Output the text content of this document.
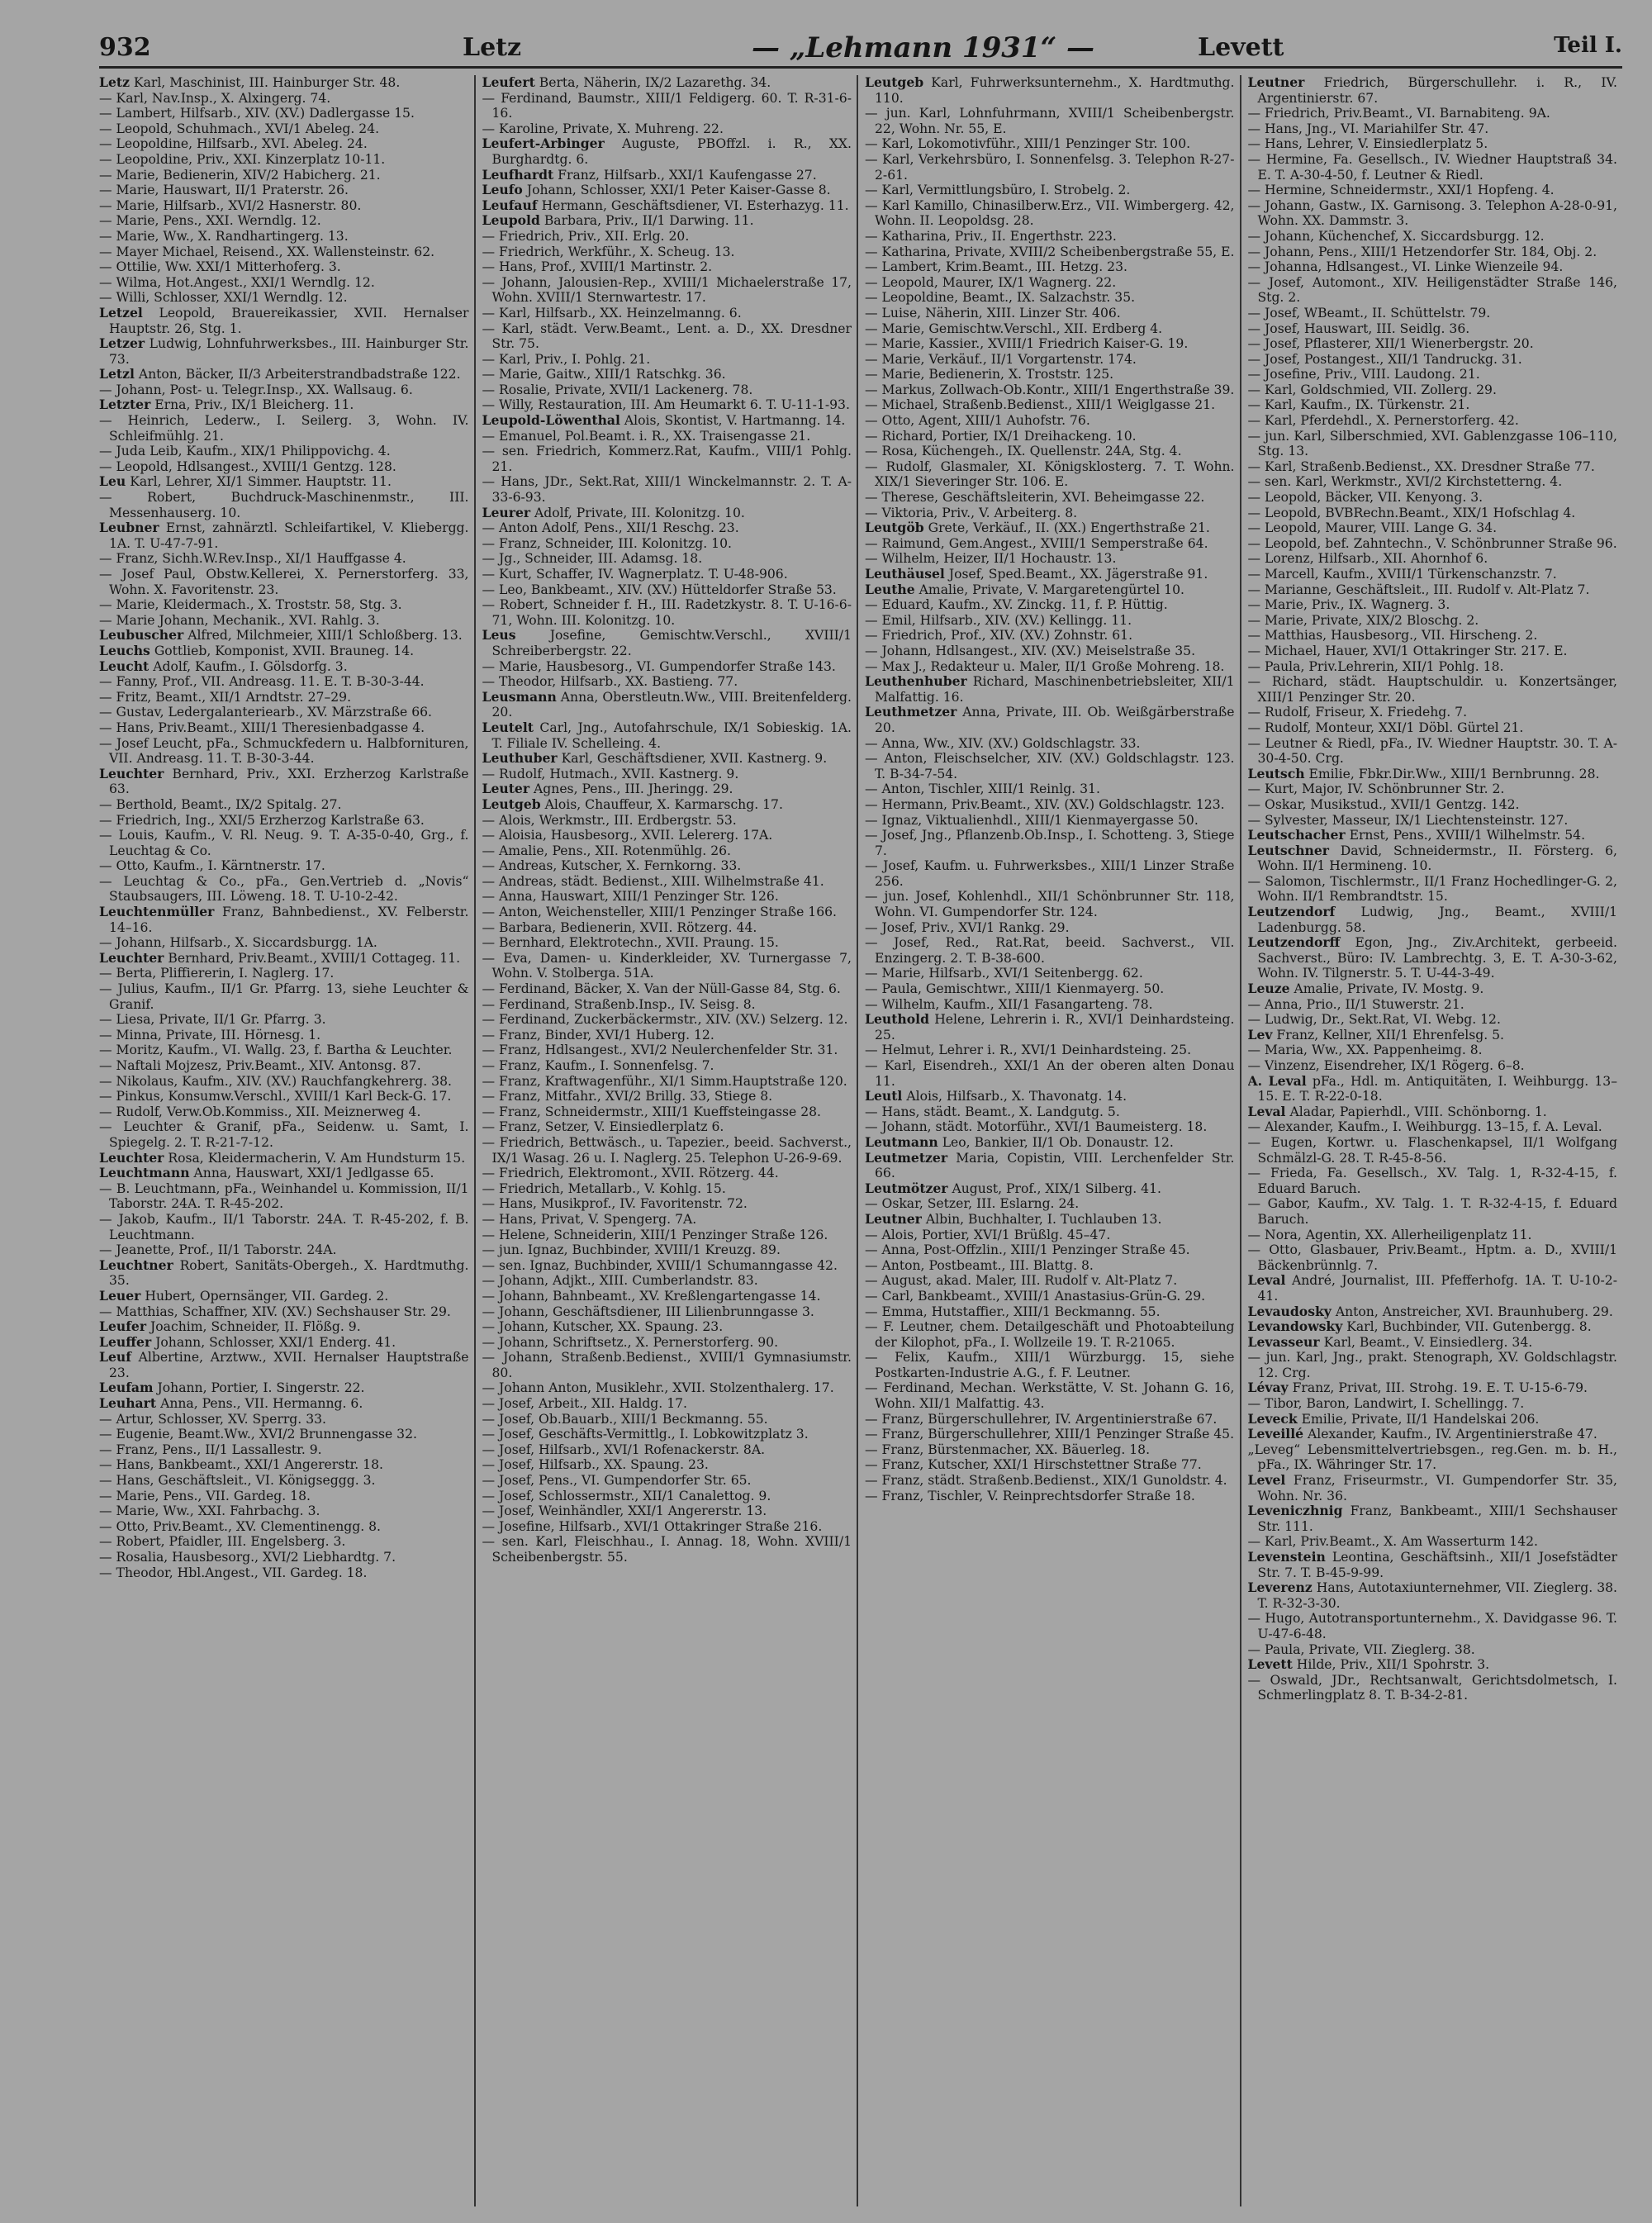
932	Letz	— „Lehmann 1931“ —	Levett	Teil I.

Letz Karl, Maschinist, III. Hainburger Str. 48.

— Karl, Nav.Insp., X. Alxingerg. 74.

— Lambert, Hilfsarb., XIV. (XV.) Dadlergasse 15.

— Leopold, Schuhmach., XVI/1 Abeleg. 24.

— Leopoldine, Hilfsarb., XVI. Abeleg. 24.

— Leopoldine, Priv., XXI. Kinzerplatz 10-11.

— Marie, Bedienerin, XIV/2 Habicherg. 21.

— Marie, Hauswart, II/1 Praterstr. 26.

— Marie, Hilfsarb., XVI/2 Hasnerstr. 80.

— Marie, Pens., XXI. Werndlg. 12.

— Marie, Ww., X. Randhartingerg. 13.

— Mayer Michael, Reisend., XX. Wallensteinstr. 62.

— Ottilie, Ww. XXI/1 Mitterhoferg. 3.

— Wilma, Hot.Angest., XXI/1 Werndlg. 12.

— Willi, Schlosser, XXI/1 Werndlg. 12.

Letzel Leopold, Brauereikassier, XVII. Hernalser Hauptstr. 26, Stg. 1.

Letzer Ludwig, Lohnfuhrwerksbes., III. Hainburger Str. 73.

Letzl Anton, Bäcker, II/3 Arbeiterstrandbadstraße 122.

— Johann, Post- u. Telegr.Insp., XX. Wallsaug. 6.

Letzter Erna, Priv., IX/1 Bleicherg. 11.

— Heinrich, Lederw., I. Seilerg. 3, Wohn. IV. Schleifmühlg. 21.

— Juda Leib, Kaufm., XIX/1 Philippovichg. 4.

— Leopold, Hdlsangest., XVIII/1 Gentzg. 128.

Leu Karl, Lehrer, XI/1 Simmer. Hauptstr. 11.

— Robert, Buchdruck-Maschinenmstr., III. Messenhauserg. 10.

Leubner Ernst, zahnärztl. Schleifartikel, V. Kliebergg. 1A. T. U-47-7-91.

— Franz, Sichh.W.Rev.Insp., XI/1 Hauffgasse 4.

— Josef Paul, Obstw.Kellerei, X. Pernerstorferg. 33, Wohn. X. Favoritenstr. 23.

— Marie, Kleidermach., X. Troststr. 58, Stg. 3.

— Marie Johann, Mechanik., XVI. Rahlg. 3.

Leubuscher Alfred, Milchmeier, XIII/1 Schloßberg. 13.

Leuchs Gottlieb, Komponist, XVII. Brauneg. 14.

Leucht Adolf, Kaufm., I. Gölsdorfg. 3.

— Fanny, Prof., VII. Andreasg. 11. E. T. B-30-3-44.

— Fritz, Beamt., XII/1 Arndtstr. 27–29.

— Gustav, Ledergalanteriearb., XV. Märzstraße 66.

— Hans, Priv.Beamt., XIII/1 Theresienbadgasse 4.

— Josef Leucht, pFa., Schmuckfedern u. Halbfornituren, VII. Andreasg. 11. T. B-30-3-44.

Leuchter Bernhard, Priv., XXI. Erzherzog Karlstraße 63.

— Berthold, Beamt., IX/2 Spitalg. 27.

— Friedrich, Ing., XXI/5 Erzherzog Karlstraße 63.

— Louis, Kaufm., V. Rl. Neug. 9. T. A-35-0-40, Grg., f. Leuchtag & Co.

— Otto, Kaufm., I. Kärntnerstr. 17.

— Leuchtag & Co., pFa., Gen.Vertrieb d. „Novis“ Staubsaugers, III. Löweng. 18. T. U-10-2-42.

Leuchtenmüller Franz, Bahnbedienst., XV. Felberstr. 14–16.

— Johann, Hilfsarb., X. Siccardsburgg. 1A.

Leuchter Bernhard, Priv.Beamt., XVIII/1 Cottageg. 11.

— Berta, Pliffiererin, I. Naglerg. 17.

— Julius, Kaufm., II/1 Gr. Pfarrg. 13, siehe Leuchter & Granif.

— Liesa, Private, II/1 Gr. Pfarrg. 3.

— Minna, Private, III. Hörnesg. 1.

— Moritz, Kaufm., VI. Wallg. 23, f. Bartha & Leuchter.

— Naftali Mojzesz, Priv.Beamt., XIV. Antonsg. 87.

— Nikolaus, Kaufm., XIV. (XV.) Rauchfangkehrerg. 38.

— Pinkus, Konsumw.Verschl., XVIII/1 Karl Beck-G. 17.

— Rudolf, Verw.Ob.Kommiss., XII. Meiznerweg 4.

— Leuchter & Granif, pFa., Seidenw. u. Samt, I. Spiegelg. 2. T. R-21-7-12.

Leuchter Rosa, Kleidermacherin, V. Am Hundsturm 15.

Leuchtmann Anna, Hauswart, XXI/1 Jedlgasse 65.

— B. Leuchtmann, pFa., Weinhandel u. Kommission, II/1 Taborstr. 24A. T. R-45-202.

— Jakob, Kaufm., II/1 Taborstr. 24A. T. R-45-202, f. B. Leuchtmann.

— Jeanette, Prof., II/1 Taborstr. 24A.

Leuchtner Robert, Sanitäts-Obergeh., X. Hardtmuthg. 35.

Leuer Hubert, Opernsänger, VII. Gardeg. 2.

— Matthias, Schaffner, XIV. (XV.) Sechshauser Str. 29.

Leufer Joachim, Schneider, II. Flößg. 9.

Leuffer Johann, Schlosser, XXI/1 Enderg. 41.

Leuf Albertine, Arztww., XVII. Hernalser Hauptstraße 23.

Leufam Johann, Portier, I. Singerstr. 22.

Leuhart Anna, Pens., VII. Hermanng. 6.

— Artur, Schlosser, XV. Sperrg. 33.

— Eugenie, Beamt.Ww., XVI/2 Brunnengasse 32.

— Franz, Pens., II/1 Lassallestr. 9.

— Hans, Bankbeamt., XXI/1 Angererstr. 18.

— Hans, Geschäftsleit., VI. Königseggg. 3.

— Marie, Pens., VII. Gardeg. 18.

— Marie, Ww., XXI. Fahrbachg. 3.

— Otto, Priv.Beamt., XV. Clementinengg. 8.

— Robert, Pfaidler, III. Engelsberg. 3.

— Rosalia, Hausbesorg., XVI/2 Liebhardtg. 7.

— Theodor, Hbl.Angest., VII. Gardeg. 18.

Leufert Berta, Näherin, IX/2 Lazarethg. 34.

— Ferdinand, Baumstr., XIII/1 Feldigerg. 60. T. R-31-6-16.

— Karoline, Private, X. Muhreng. 22.

Leufert-Arbinger Auguste, PBOffzl. i. R., XX. Burghardtg. 6.

Leufhardt Franz, Hilfsarb., XXI/1 Kaufengasse 27.

Leufo Johann, Schlosser, XXI/1 Peter Kaiser-Gasse 8.

Leufauf Hermann, Geschäftsdiener, VI. Esterhazyg. 11.

Leupold Barbara, Priv., II/1 Darwing. 11.

— Friedrich, Priv., XII. Erlg. 20.

— Friedrich, Werkführ., X. Scheug. 13.

— Hans, Prof., XVIII/1 Martinstr. 2.

— Johann, Jalousien-Rep., XVIII/1 Michaelerstraße 17, Wohn. XVIII/1 Sternwartestr. 17.

— Karl, Hilfsarb., XX. Heinzelmanng. 6.

— Karl, städt. Verw.Beamt., Lent. a. D., XX. Dresdner Str. 75.

— Karl, Priv., I. Pohlg. 21.

— Marie, Gaitw., XIII/1 Ratschkg. 36.

— Rosalie, Private, XVII/1 Lackenerg. 78.

— Willy, Restauration, III. Am Heumarkt 6. T. U-11-1-93.

Leupold-Löwenthal Alois, Skontist, V. Hartmanng. 14.

— Emanuel, Pol.Beamt. i. R., XX. Traisengasse 21.

— sen. Friedrich, Kommerz.Rat, Kaufm., VIII/1 Pohlg. 21.

— Hans, JDr., Sekt.Rat, XIII/1 Winckelmannstr. 2. T. A-33-6-93.

Leurer Adolf, Private, III. Kolonitzg. 10.

— Anton Adolf, Pens., XII/1 Reschg. 23.

— Franz, Schneider, III. Kolonitzg. 10.

— Jg., Schneider, III. Adamsg. 18.

— Kurt, Schaffer, IV. Wagnerplatz. T. U-48-906.

— Leo, Bankbeamt., XIV. (XV.) Hütteldorfer Straße 53.

— Robert, Schneider f. H., III. Radetzkystr. 8. T. U-16-6-71, Wohn. III. Kolonitzg. 10.

Leus	Josefine, Gemischtw.Verschl., XVIII/1 Schreiberbergstr. 22.

— Marie, Hausbesorg., VI. Gumpendorfer Straße 143.

— Theodor, Hilfsarb., XX. Bastieng. 77.

Leusmann Anna, Oberstleutn.Ww., VIII. Breitenfelderg. 20.

Leutelt Carl, Jng., Autofahrschule, IX/1 Sobieskig. 1A. T. Filiale IV. Schelleing. 4.

Leuthuber Karl, Geschäftsdiener, XVII. Kastnerg. 9.

— Rudolf, Hutmach., XVII. Kastnerg. 9.

Leuter Agnes, Pens., III. Jheringg. 29.

Leutgeb Alois, Chauffeur, X. Karmarschg. 17.

— Alois, Werkmstr., III. Erdbergstr. 53.

— Aloisia, Hausbesorg., XVII. Lelererg. 17A.

— Amalie, Pens., XII. Rotenmühlg. 26.

— Andreas, Kutscher, X. Fernkorng. 33.

— Andreas, städt. Bedienst., XIII. Wilhelmstraße 41.

— Anna, Hauswart, XIII/1 Penzinger Str. 126.

— Anton, Weichensteller, XIII/1 Penzinger Straße 166.

— Barbara, Bedienerin, XVII. Rötzerg. 44.

— Bernhard, Elektrotechn., XVII. Praung. 15.

— Eva, Damen- u. Kinderkleider, XV. Turnergasse 7, Wohn. V. Stolberga. 51A.

— Ferdinand, Bäcker, X. Van der Nüll-Gasse 84, Stg. 6.

— Ferdinand, Straßenb.Insp., IV. Seisg. 8.

— Ferdinand, Zuckerbäckermstr., XIV. (XV.) Selzerg. 12.

— Franz, Binder, XVI/1 Huberg. 12.

— Franz, Hdlsangest., XVI/2 Neulerchenfelder Str. 31.

— Franz, Kaufm., I. Sonnenfelsg. 7.

— Franz, Kraftwagenführ., XI/1 Simm.Hauptstraße 120.

— Franz, Mitfahr., XVI/2 Brillg. 33, Stiege 8.

— Franz, Schneidermstr., XIII/1 Kueffsteingasse 28.

— Franz, Setzer, V. Einsiedlerplatz 6.

— Friedrich, Bettwäsch., u. Tapezier., beeid. Sachverst., IX/1 Wasag. 26 u. I. Naglerg. 25. Telephon U-26-9-69.

— Friedrich, Elektromont., XVII. Rötzerg. 44.

— Friedrich, Metallarb., V. Kohlg. 15.

— Hans, Musikprof., IV. Favoritenstr. 72.

— Hans, Privat, V. Spengerg. 7A.

— Helene, Schneiderin, XIII/1 Penzinger Straße 126.

— jun. Ignaz, Buchbinder, XVIII/1 Kreuzg. 89.

— sen. Ignaz, Buchbinder, XVIII/1 Schumanngasse 42.

— Johann, Adjkt., XIII. Cumberlandstr. 83.

— Johann, Bahnbeamt., XV. Kreßlengartengasse 14.

— Johann, Geschäftsdiener, III Lilienbrunngasse 3.

— Johann, Kutscher, XX. Spaung. 23.

— Johann, Schriftsetz., X. Pernerstorferg. 90.

— Johann, Straßenb.Bedienst., XVIII/1 Gymnasiumstr. 80.

— Johann Anton, Musiklehr., XVII. Stolzenthalerg. 17.

— Josef, Arbeit., XII. Haldg. 17.

— Josef, Ob.Bauarb., XIII/1 Beckmanng. 55.

— Josef, Geschäfts-Vermittlg., I. Lobkowitzplatz 3.

— Josef, Hilfsarb., XVI/1 Rofenackerstr. 8A.

— Josef, Hilfsarb., XX. Spaung. 23.

— Josef, Pens., VI. Gumpendorfer Str. 65.

— Josef, Schlossermstr., XII/1 Canalettog. 9.

— Josef, Weinhändler, XXI/1 Angererstr. 13.

— Josefine, Hilfsarb., XVI/1 Ottakringer Straße 216.

— sen. Karl, Fleischhau., I. Annag. 18, Wohn. XVIII/1 Scheibenbergstr. 55.

Leutgeb Karl, Fuhrwerksunternehm., X. Hardtmuthg. 110.

— jun. Karl, Lohnfuhrmann, XVIII/1 Scheibenbergstr. 22, Wohn. Nr. 55, E.

— Karl, Lokomotivführ., XIII/1 Penzinger Str. 100.

— Karl, Verkehrsbüro, I. Sonnenfelsg. 3. Telephon R-27-2-61.

— Karl, Vermittlungsbüro, I. Strobelg. 2.

— Karl Kamillo, Chinasilberw.Erz., VII. Wimbergerg. 42, Wohn. II. Leopoldsg. 28.

— Katharina, Priv., II. Engerthstr. 223.

— Katharina, Private, XVIII/2 Scheibenbergstraße 55, E.

— Lambert, Krim.Beamt., III. Hetzg. 23.

— Leopold, Maurer, IX/1 Wagnerg. 22.

— Leopoldine, Beamt., IX. Salzachstr. 35.

— Luise, Näherin, XIII. Linzer Str. 406.

— Marie, Gemischtw.Verschl., XII. Erdberg 4.

— Marie, Kassier., XVIII/1 Friedrich Kaiser-G. 19.

— Marie, Verkäuf., II/1 Vorgartenstr. 174.

— Marie, Bedienerin, X. Troststr. 125.

— Markus, Zollwach-Ob.Kontr., XIII/1 Engerthstraße 39.

— Michael, Straßenb.Bedienst., XIII/1 Weiglgasse 21.

— Otto, Agent, XIII/1 Auhofstr. 76.

— Richard, Portier, IX/1 Dreihackeng. 10.

— Rosa, Küchengeh., IX. Quellenstr. 24A, Stg. 4.

— Rudolf, Glasmaler, XI. Königsklosterg. 7. T. Wohn. XIX/1 Sieveringer Str. 106. E.

— Therese, Geschäftsleiterin, XVI. Beheimgasse 22.

— Viktoria, Priv., V. Arbeiterg. 8.

Leutgöb Grete, Verkäuf., II. (XX.) Engerthstraße 21.

— Raimund, Gem.Angest., XVIII/1 Semperstraße 64.

— Wilhelm, Heizer, II/1 Hochaustr. 13.

Leuthäusel Josef, Sped.Beamt., XX. Jägerstraße 91.

Leuthe Amalie, Private, V. Margaretengürtel 10.

— Eduard, Kaufm., XV. Zinckg. 11, f. P. Hüttig.

— Emil, Hilfsarb., XIV. (XV.) Kellingg. 11.

— Friedrich, Prof., XIV. (XV.) Zohnstr. 61.

— Johann, Hdlsangest., XIV. (XV.) Meiselstraße 35.

— Max J., Redakteur u. Maler, II/1 Große Mohreng. 18.

Leuthenhuber Richard, Maschinenbetriebsleiter, XII/1 Malfattig. 16.

Leuthmetzer Anna, Private, III. Ob. Weißgärberstraße 20.

— Anna, Ww., XIV. (XV.) Goldschlagstr. 33.

— Anton, Fleischselcher, XIV. (XV.) Goldschlagstr. 123. T. B-34-7-54.

— Anton, Tischler, XIII/1 Reinlg. 31.

— Hermann, Priv.Beamt., XIV. (XV.) Goldschlagstr. 123.

— Ignaz, Viktualienhdl., XIII/1 Kienmayergasse 50.

— Josef, Jng., Pflanzenb.Ob.Insp., I. Schotteng. 3, Stiege 7.

— Josef, Kaufm. u. Fuhrwerksbes., XIII/1 Linzer Straße 256.

— jun. Josef, Kohlenhdl., XII/1 Schönbrunner Str. 118, Wohn. VI. Gumpendorfer Str. 124.

— Josef, Priv., XVI/1 Rankg. 29.

— Josef, Red., Rat.Rat, beeid. Sachverst., VII. Enzingerg. 2. T. B-38-600.

— Marie, Hilfsarb., XVI/1 Seitenbergg. 62.

— Paula, Gemischtwr., XIII/1 Kienmayerg. 50.

— Wilhelm, Kaufm., XII/1 Fasangarteng. 78.

Leuthold Helene, Lehrerin i. R., XVI/1 Deinhardsteing. 25.

— Helmut, Lehrer i. R., XVI/1 Deinhardsteing. 25.

— Karl, Eisendreh., XXI/1 An der oberen alten Donau 11.

Leutl Alois, Hilfsarb., X. Thavonatg. 14.

— Hans, städt. Beamt., X. Landgutg. 5.

— Johann, städt. Motorführ., XVI/1 Baumeisterg. 18.

Leutmann Leo, Bankier, II/1 Ob. Donaustr. 12.

Leutmetzer Maria, Copistin, VIII. Lerchenfelder Str. 66.

Leutmötzer August, Prof., XIX/1 Silberg. 41.

— Oskar, Setzer, III. Eslarng. 24.

Leutner Albin, Buchhalter, I. Tuchlauben 13.

— Alois, Portier, XVI/1 Brüßlg. 45–47.

— Anna, Post-Offzlin., XIII/1 Penzinger Straße 45.

— Anton, Postbeamt., III. Blattg. 8.

— August, akad. Maler, III. Rudolf v. Alt-Platz 7.

— Carl, Bankbeamt., XVIII/1 Anastasius-Grün-G. 29.

— Emma, Hutstaffier., XIII/1 Beckmanng. 55.

— F. Leutner, chem. Detailgeschäft und Photoabteilung der Kilophot, pFa., I. Wollzeile 19. T. R-21065.

— Felix, Kaufm., XIII/1 Würzburgg. 15, siehe Postkarten-Industrie A.G., f. F. Leutner.

— Ferdinand, Mechan. Werkstätte, V. St. Johann G. 16, Wohn. XII/1 Malfattig. 43.

— Franz, Bürgerschullehrer, IV. Argentinierstraße 67.

— Franz, Bürgerschullehrer, XIII/1 Penzinger Straße 45.

— Franz, Bürstenmacher, XX. Bäuerleg. 18.

— Franz, Kutscher, XXI/1 Hirschstettner Straße 77.

— Franz, städt. Straßenb.Bedienst., XIX/1 Gunoldstr. 4.

— Franz, Tischler, V. Reinprechtsdorfer Straße 18.

Leutner Friedrich, Bürgerschullehr. i. R., IV. Argentinierstr. 67.

— Friedrich, Priv.Beamt., VI. Barnabiteng. 9A.

— Hans, Jng., VI. Mariahilfer Str. 47.

— Hans, Lehrer, V. Einsiedlerplatz 5.

— Hermine, Fa. Gesellsch., IV. Wiedner Hauptstraß 34. E. T. A-30-4-50, f. Leutner & Riedl.

— Hermine, Schneidermstr., XXI/1 Hopfeng. 4.

— Johann, Gastw., IX. Garnisong. 3. Telephon A-28-0-91, Wohn. XX. Dammstr. 3.

— Johann, Küchenchef, X. Siccardsburgg. 12.

— Johann, Pens., XIII/1 Hetzendorfer Str. 184, Obj. 2.

— Johanna, Hdlsangest., VI. Linke Wienzeile 94.

— Josef, Automont., XIV. Heiligenstädter Straße 146, Stg. 2.

— Josef, WBeamt., II. Schüttelstr. 79.

— Josef, Hauswart, III. Seidlg. 36.

— Josef, Pflasterer, XII/1 Wienerbergstr. 20.

— Josef, Postangest., XII/1 Tandruckg. 31.

— Josefine, Priv., VIII. Laudong. 21.

— Karl, Goldschmied, VII. Zollerg. 29.

— Karl, Kaufm., IX. Türkenstr. 21.

— Karl, Pferdehdl., X. Pernerstorferg. 42.

— jun. Karl, Silberschmied, XVI. Gablenzgasse 106–110, Stg. 13.

— Karl, Straßenb.Bedienst., XX. Dresdner Straße 77.

— sen. Karl, Werkmstr., XVI/2 Kirchstetterng. 4.

— Leopold, Bäcker, VII. Kenyong. 3.

— Leopold, BVBRechn.Beamt., XIX/1 Hofschlag 4.

— Leopold, Maurer, VIII. Lange G. 34.

— Leopold, bef. Zahntechn., V. Schönbrunner Straße 96.

— Lorenz, Hilfsarb., XII. Ahornhof 6.

— Marcell, Kaufm., XVIII/1 Türkenschanzstr. 7.

— Marianne, Geschäftsleit., III. Rudolf v. Alt-Platz 7.

— Marie, Priv., IX. Wagnerg. 3.

— Marie, Private, XIX/2 Bloschg. 2.

— Matthias, Hausbesorg., VII. Hirscheng. 2.

— Michael, Hauer, XVI/1 Ottakringer Str. 217. E.

— Paula, Priv.Lehrerin, XII/1 Pohlg. 18.

— Richard, städt. Hauptschuldir. u. Konzertsänger, XIII/1 Penzinger Str. 20.

— Rudolf, Friseur, X. Friedehg. 7.

— Rudolf, Monteur, XXI/1 Döbl. Gürtel 21.

— Leutner & Riedl, pFa., IV. Wiedner Hauptstr. 30. T. A-30-4-50. Crg.

Leutsch Emilie, Fbkr.Dir.Ww., XIII/1 Bernbrunng. 28.

— Kurt, Major, IV. Schönbrunner Str. 2.

— Oskar, Musikstud., XVII/1 Gentzg. 142.

— Sylvester, Masseur, IX/1 Liechtensteinstr. 127.

Leutschacher Ernst, Pens., XVIII/1 Wilhelmstr. 54.

Leutschner David, Schneidermstr., II. Försterg. 6, Wohn. II/1 Hermineng. 10.

— Salomon, Tischlermstr., II/1 Franz Hochedlinger-G. 2, Wohn. II/1 Rembrandtstr. 15.

Leutzendorf Ludwig, Jng., Beamt., XVIII/1 Ladenburgg. 58.

Leutzendorff Egon, Jng., Ziv.Architekt, gerbeeid. Sachverst., Büro: IV. Lambrechtg. 3, E. T. A-30-3-62, Wohn. IV. Tilgnerstr. 5. T. U-44-3-49.

Leuze Amalie, Private, IV. Mostg. 9.

— Anna, Prio., II/1 Stuwerstr. 21.

— Ludwig, Dr., Sekt.Rat, VI. Webg. 12.

Lev Franz, Kellner, XII/1 Ehrenfelsg. 5.

— Maria, Ww., XX. Pappenheimg. 8.

— Vinzenz, Eisendreher, IX/1 Rögerg. 6–8.

A. Leval pFa., Hdl. m. Antiquitäten, I. Weihburgg. 13–15. E. T. R-22-0-18.

Leval Aladar, Papierhdl., VIII. Schönborng. 1.

— Alexander, Kaufm., I. Weihburgg. 13–15, f. A. Leval.

— Eugen, Kortwr. u. Flaschenkapsel, II/1 Wolfgang Schmälzl-G. 28. T. R-45-8-56.

— Frieda, Fa. Gesellsch., XV. Talg. 1, R-32-4-15, f. Eduard Baruch.

— Gabor, Kaufm., XV. Talg. 1. T. R-32-4-15, f. Eduard Baruch.

— Nora, Agentin, XX. Allerheiligenplatz 11.

— Otto, Glasbauer, Priv.Beamt., Hptm. a. D., XVIII/1 Bäckenbrünnlg. 7.

Leval André, Journalist, III. Pfefferhofg. 1A. T. U-10-2-41.

Levaudosky Anton, Anstreicher, XVI. Braunhuberg. 29.

Levandowsky Karl, Buchbinder, VII. Gutenbergg. 8.

Levasseur Karl, Beamt., V. Einsiedlerg. 34.

— jun. Karl, Jng., prakt. Stenograph, XV. Goldschlagstr. 12. Crg.

Lévay Franz, Privat, III. Strohg. 19. E. T. U-15-6-79.

— Tibor, Baron, Landwirt, I. Schellingg. 7.

Leveck Emilie, Private, II/1 Handelskai 206.

Leveillé Alexander, Kaufm., IV. Argentinierstraße 47.

„Leveg“ Lebensmittelvertriebsgen., reg.Gen. m. b. H., pFa., IX. Währinger Str. 17.

Level Franz, Friseurmstr., VI. Gumpendorfer Str. 35, Wohn. Nr. 36.

Leveniczhnig Franz, Bankbeamt., XIII/1 Sechshauser Str. 111.

— Karl, Priv.Beamt., X. Am Wasserturm 142.

Levenstein Leontina, Geschäftsinh., XII/1 Josefstädter Str. 7. T. B-45-9-99.

Leverenz Hans, Autotaxiunternehmer, VII. Zieglerg. 38. T. R-32-3-30.

— Hugo, Autotransportunternehm., X. Davidgasse 96. T. U-47-6-48.

— Paula, Private, VII. Zieglerg. 38.

Levett Hilde, Priv., XII/1 Spohrstr. 3.

— Oswald, JDr., Rechtsanwalt, Gerichtsdolmetsch, I. Schmerlingplatz 8. T. B-34-2-81.
